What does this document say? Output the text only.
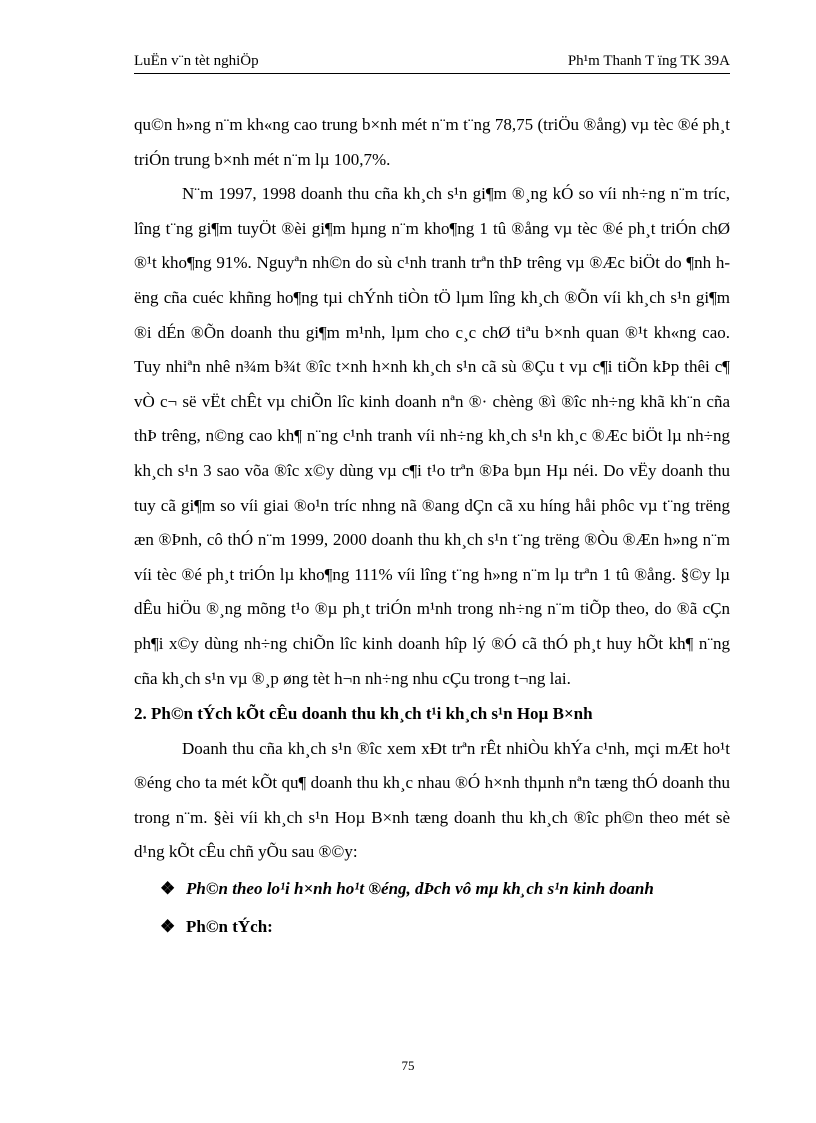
LuËn v¨n tèt nghiÖp	Ph¹m Thanh T ïng TK 39A

qu©n h»ng n¨m kh«ng cao trung b×nh mét n¨m t¨ng 78,75 (triÖu ®ång) vµ tèc ®é ph¸t triÓn trung b×nh mét n¨m lµ 100,7%.

N¨m 1997, 1998 doanh thu cña kh¸ch s¹n gi¶m ®¸ng kÓ so víi nh÷ng n¨m tríc, lîng t¨ng gi¶m tuyÖt ®èi gi¶m hµng n¨m kho¶ng 1 tû ®ång vµ tèc ®é ph¸t triÓn chØ ®¹t kho¶ng 91%. Nguyªn nh©n do sù c¹nh tranh trªn thÞ trêng vµ ®Æc biÖt do ¶nh hëng cña cuéc khñng ho¶ng tµi chÝnh tiÒn tÖ lµm lîng kh¸ch ®Õn víi kh¸ch s¹n gi¶m ®i dÉn ®Õn doanh thu gi¶m m¹nh, lµm cho c¸c chØ tiªu b×nh quan ®¹t kh«ng cao. Tuy nhiªn nhê n¾m b¾t ®îc t×nh h×nh kh¸ch s¹n cã sù ®Çu t vµ c¶i tiÕn kÞp thêi c¶ vÒ c¬ së vËt chÊt vµ chiÕn lîc kinh doanh nªn ®· chèng ®ì ®îc nh÷ng khã kh¨n cña thÞ trêng, n©ng cao kh¶ n¨ng c¹nh tranh víi nh÷ng kh¸ch s¹n kh¸c ®Æc biÖt lµ nh÷ng kh¸ch s¹n 3 sao võa ®îc x©y dùng vµ c¶i t¹o trªn ®Þa bµn Hµ néi. Do vËy doanh thu tuy cã gi¶m so víi giai ®o¹n tríc nhng nã ®ang dÇn cã xu híng håi phôc vµ t¨ng trëng æn ®Þnh, cô thÓ n¨m 1999, 2000 doanh thu kh¸ch s¹n t¨ng trëng ®Òu ®Æn h»ng n¨m víi tèc ®é ph¸t triÓn lµ kho¶ng 111% víi lîng t¨ng h»ng n¨m lµ trªn 1 tû ®ång. §©y lµ dÊu hiÖu ®¸ng mõng t¹o ®µ ph¸t triÓn m¹nh trong nh÷ng n¨m tiÕp theo, do ®ã cÇn ph¶i x©y dùng nh÷ng chiÕn lîc kinh doanh hîp lý ®Ó cã thÓ ph¸t huy hÕt kh¶ n¨ng cña kh¸ch s¹n vµ ®¸p øng tèt h¬n nh÷ng nhu cÇu trong t¬ng lai.

2. Ph©n tÝch kÕt cÊu doanh thu kh¸ch t¹i kh¸ch s¹n Hoµ B×nh

Doanh thu cña kh¸ch s¹n ®îc xem xÐt trªn rÊt nhiÒu khÝa c¹nh, mçi mÆt ho¹t ®éng cho ta mét kÕt qu¶ doanh thu kh¸c nhau ®Ó h×nh thµnh nªn tæng thÓ doanh thu trong n¨m. §èi víi kh¸ch s¹n Hoµ B×nh tæng doanh thu kh¸ch ®îc ph©n theo mét sè d¹ng kÕt cÊu chñ yÕu sau ®©y:

❖ Ph©n theo lo¹i h×nh ho¹t ®éng, dÞch vô mµ kh¸ch s¹n kinh doanh
❖ Ph©n tÝch:
75
